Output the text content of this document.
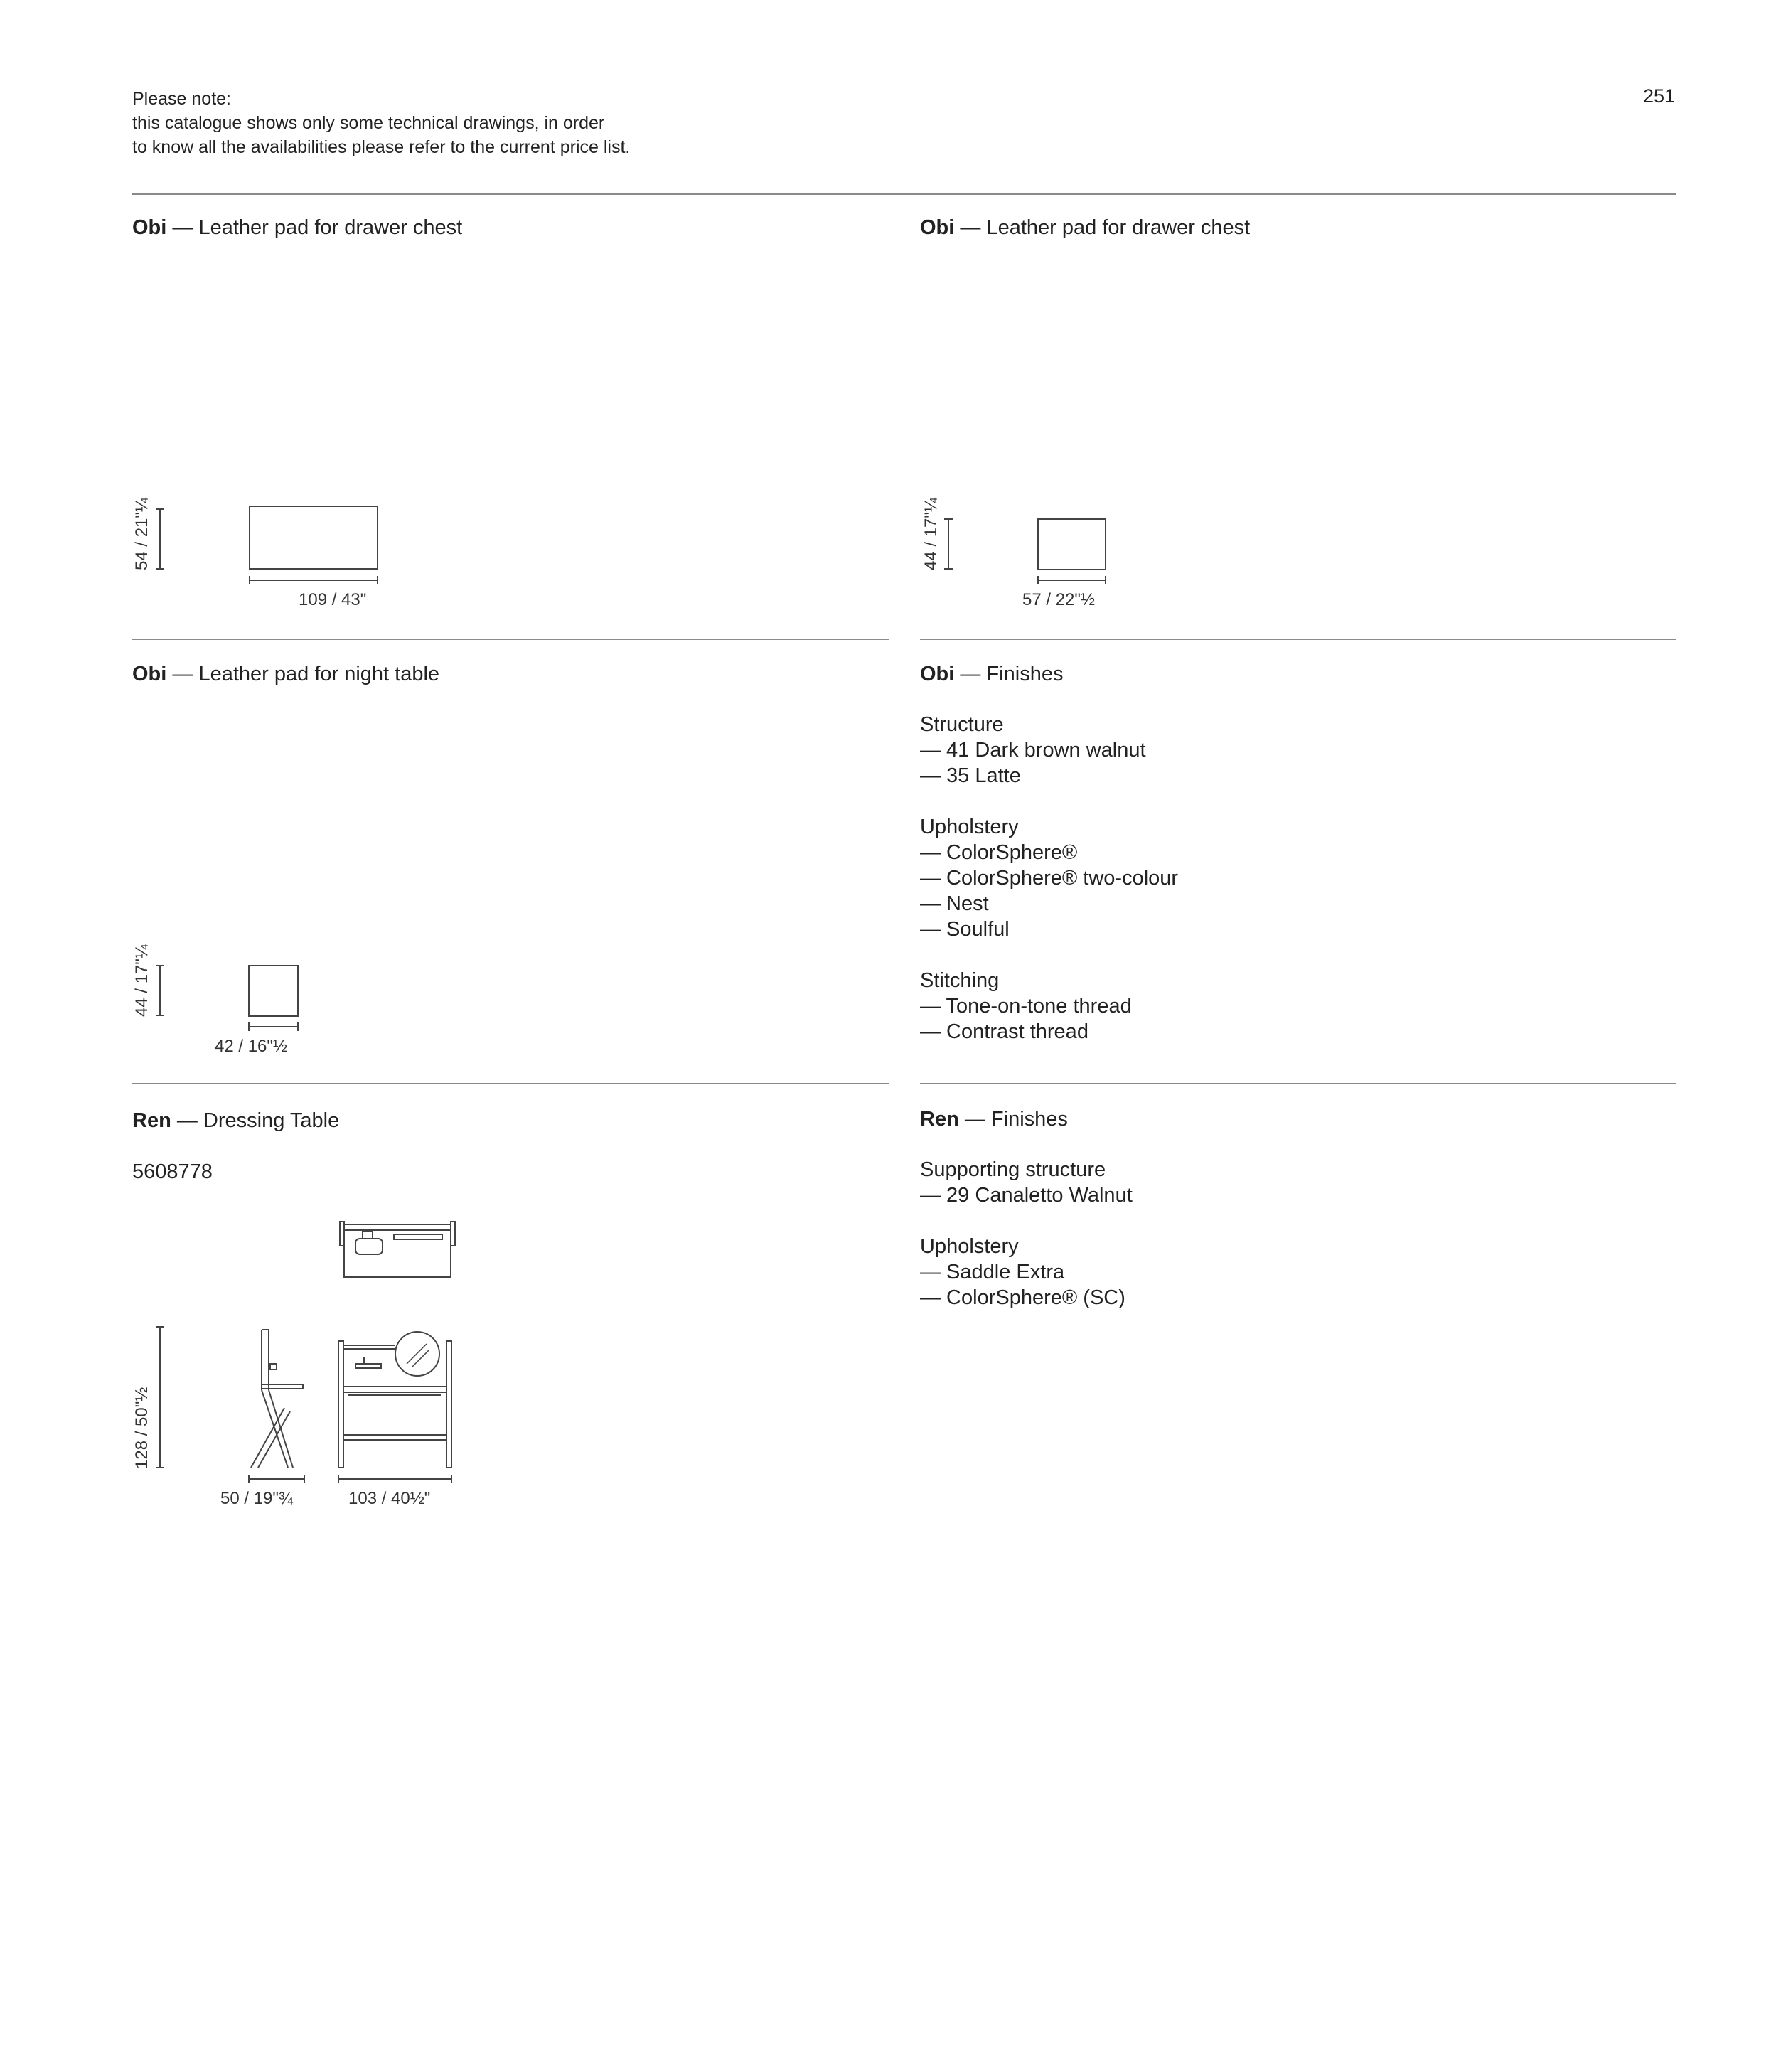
Please note:
this catalogue shows only some technical drawings, in order
to know all the availabilities please refer to the current price list.
251
Obi — Leather pad for drawer chest
54 / 21"¼
109 / 43"
Obi — Leather pad for drawer chest
44 / 17"¼
57 / 22"½
Obi — Leather pad for night table
44 / 17"¼
42 / 16"½
Obi — Finishes
Structure
— 41 Dark brown walnut
— 35 Latte
Upholstery
— ColorSphere®
— ColorSphere® two-colour
— Nest
— Soulful
Stitching
— Tone-on-tone thread
— Contrast thread
Ren — Dressing Table
5608778
128 / 50"½
50 / 19"¾	103 / 40½"
Ren — Finishes
Supporting structure
— 29 Canaletto Walnut
Upholstery
— Saddle Extra
— ColorSphere® (SC)
